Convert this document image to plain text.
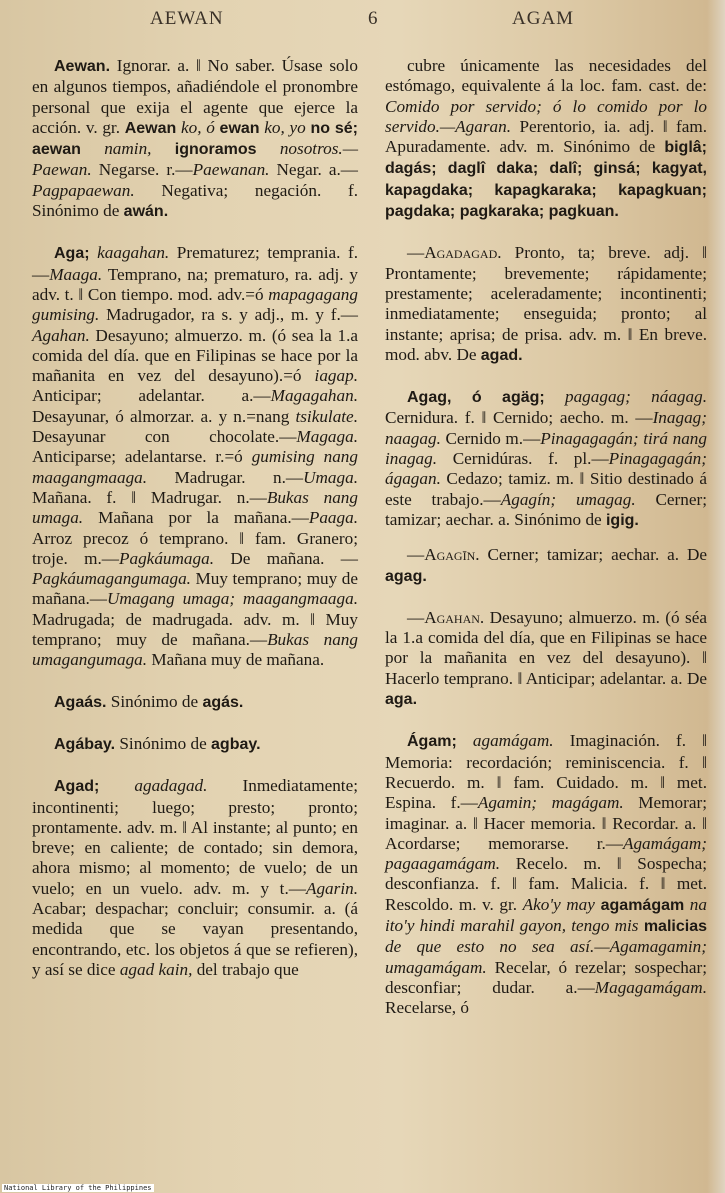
AEWAN	6	AGAM

Aewan. Ignorar. a. ‖ No saber. Úsase solo en algunos tiempos, añadiéndole el pronombre personal que exija el agente que ejerce la acción. v. gr. Aewan ko, ó ewan ko, yo no sé; aewan namin, ignoramos nosotros.—Paewan. Negarse. r.—Paewanan. Negar. a.—Pagpapaewan. Negativa; negación. f. Sinónimo de awán.

Aga; kaagahan. Prematurez; temprania. f.—Maaga. Temprano, na; prematuro, ra. adj. y adv. t. ‖ Con tiempo. mod. adv.=ó mapagagang gumising. Madrugador, ra s. y adj., m. y f.—Agahan. Desayuno; almuerzo. m. (ó sea la 1.a comida del día. que en Filipinas se hace por la mañanita en vez del desayuno).=ó iagap. Anticipar; adelantar. a.—Magagahan. Desayunar, ó almorzar. a. y n.=nang tsikulate. Desayunar con chocolate.—Magaga. Anticiparse; adelantarse. r.=ó gumising nang maagangmaaga. Madrugar. n.—Umaga. Mañana. f. ‖ Madrugar. n.—Bukas nang umaga. Mañana por la mañana.—Paaga. Arroz precoz ó temprano. ‖ fam. Granero; troje. m.—Pagkáumaga. De mañana. —Pagkáumagangumaga. Muy temprano; muy de mañana.—Umagang umaga; maagangmaaga. Madrugada; de madrugada. adv. m. ‖ Muy temprano; muy de mañana.—Bukas nang umagangumaga. Mañana muy de mañana.

Agaás. Sinónimo de agás.

Agábay. Sinónimo de agbay.

Agad; agadagad. Inmediatamente; incontinenti; luego; presto; pronto; prontamente. adv. m. ‖ Al instante; al punto; en breve; en caliente; de contado; sin demora, ahora mismo; al momento; de vuelo; de un vuelo; en un vuelo. adv. m. y t.—Agarin. Acabar; despachar; concluir; consumir. a. (á medida que se vayan presentando, encontrando, etc. los objetos á que se refieren), y así se dice agad kain, del trabajo que

cubre únicamente las necesidades del estómago, equivalente á la loc. fam. cast. de: Comido por servido; ó lo comido por lo servido.—Agaran. Perentorio, ia. adj. ‖ fam. Apuradamente. adv. m. Sinónimo de biglâ; dagás; daglî daka; dalî; ginsá; kagyat, kapagdaka; kapagkaraka; kapagkuan; pagdaka; pagkaraka; pagkuan.

—Agadagad. Pronto, ta; breve. adj. ‖ Prontamente; brevemente; rápidamente; prestamente; aceleradamente; incontinenti; inmediatamente; enseguida; pronto; al instante; aprisa; de prisa. adv. m. ‖ En breve. mod. abv. De agad.

Agag, ó agäg; pagagag; náagag. Cernidura. f. ‖ Cernido; aecho. m. —Inagag; naagag. Cernido m.—Pinagagagán; tirá nang inagag. Cernidúras. f. pl.—Pinagagagán; ágagan. Cedazo; tamiz. m. ‖ Sitio destinado á este trabajo.—Agagín; umagag. Cerner; tamizar; aechar. a. Sinónimo de igig.

—Agagīn. Cerner; tamizar; aechar. a. De agag.

—Agahan. Desayuno; almuerzo. m. (ó séa la 1.a comida del día, que en Filipinas se hace por la mañanita en vez del desayuno). ‖ Hacerlo temprano. ‖ Anticipar; adelantar. a. De aga.

Ágam; agamágam. Imaginación. f. ‖ Memoria: recordación; reminiscencia. f. ‖ Recuerdo. m. ‖ fam. Cuidado. m. ‖ met. Espina. f.—Agamin; magágam. Memorar; imaginar. a. ‖ Hacer memoria. ‖ Recordar. a. ‖ Acordarse; memorarse. r.—Agamágam; pagaagamágam. Recelo. m. ‖ Sospecha; desconfianza. f. ‖ fam. Malicia. f. ‖ met. Rescoldo. m. v. gr. Ako'y may agamágam na ito'y hindi marahil gayon, tengo mis malicias de que esto no sea así.—Agamagamin; umagamágam. Recelar, ó rezelar; sospechar; desconfiar; dudar. a.—Magagamágam. Recelarse, ó

National Library of the Philippines
